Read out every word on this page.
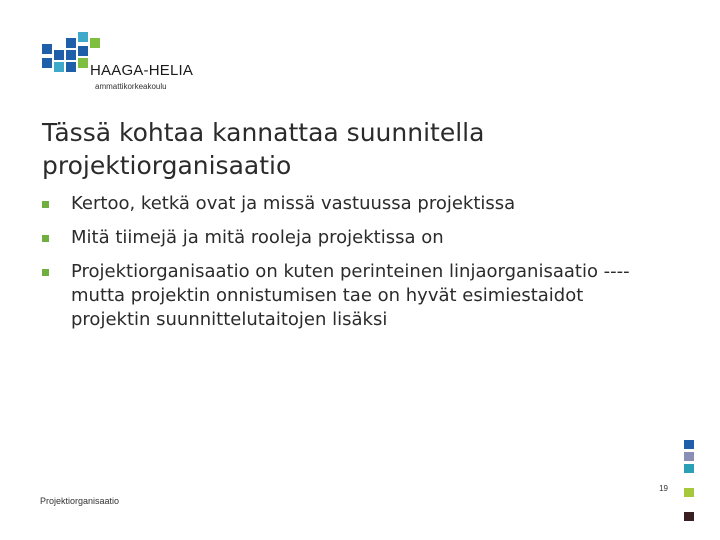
HAAGA-HELIA
ammattikorkeakoulu
Tässä kohtaa kannattaa suunnitella projektiorganisaatio
Kertoo, ketkä ovat ja missä vastuussa projektissa
Mitä tiimejä ja mitä rooleja projektissa on
Projektiorganisaatio on kuten perinteinen linjaorganisaatio ---- mutta projektin onnistumisen tae on hyvät esimiestaidot projektin suunnittelutaitojen lisäksi
Projektiorganisaatio
19
